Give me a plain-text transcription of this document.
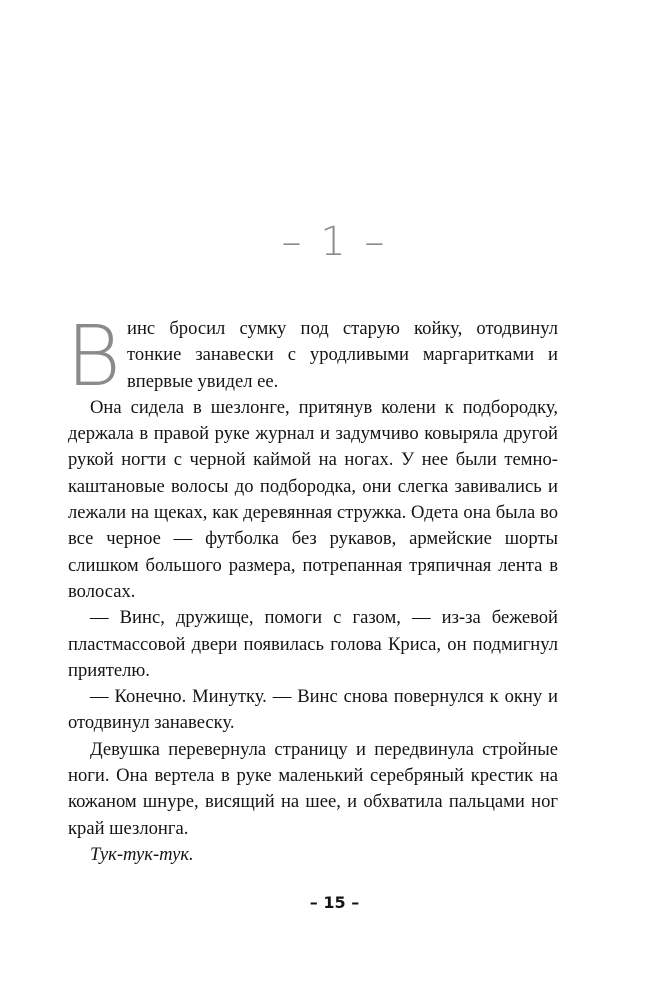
– 1 –

Винс бросил сумку под старую койку, отодвинул тонкие занавески с уродливыми маргаритками и впервые увидел ее.

Она сидела в шезлонге, притянув колени к подбородку, держала в правой руке журнал и задумчиво ковыряла другой рукой ногти с черной каймой на ногах. У нее были темно-каштановые волосы до подбородка, они слегка завивались и лежали на щеках, как деревянная стружка. Одета она была во все черное — футболка без рукавов, армейские шорты слишком большого размера, потрепанная тряпичная лента в волосах.

— Винс, дружище, помоги с газом, — из-за бежевой пластмассовой двери появилась голова Криса, он подмигнул приятелю.

— Конечно. Минутку. — Винс снова повернулся к окну и отодвинул занавеску.

Девушка перевернула страницу и передвинула стройные ноги. Она вертела в руке маленький серебряный крестик на кожаном шнуре, висящий на шее, и обхватила пальцами ног край шезлонга.

Тук-тук-тук.

– 15 –
